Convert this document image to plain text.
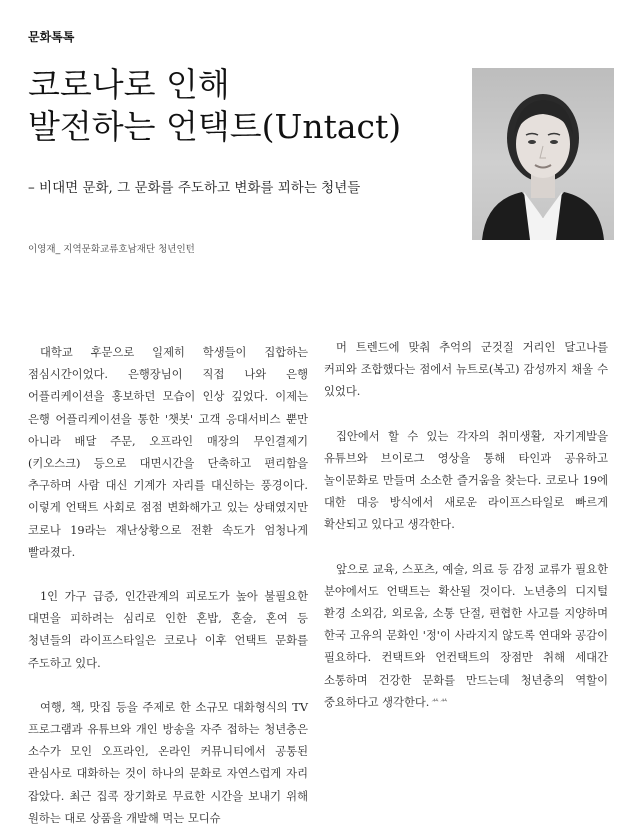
문화톡톡
코로나로 인해
발전하는 언택트(Untact)
– 비대면 문화, 그 문화를 주도하고 변화를 꾀하는 청년들
이영재_ 지역문화교류호남재단 청년인턴

대학교 후문으로 일제히 학생들이 집합하는 점심시간이었다. 은행장님이 직접 나와 은행 어플리케이션을 홍보하던 모습이 인상 깊었다. 이제는 은행 어플리케이션을 통한 '챗봇' 고객 응대서비스 뿐만 아니라 배달 주문, 오프라인 매장의 무인결제기(키오스크) 등으로 대면시간을 단축하고 편리함을 추구하며 사람 대신 기계가 자리를 대신하는 풍경이다. 이렇게 언택트 사회로 점점 변화해가고 있는 상태였지만 코로나 19라는 재난상황으로 전환 속도가 엄청나게 빨라졌다.

1인 가구 급증, 인간관계의 피로도가 높아 불필요한 대면을 피하려는 심리로 인한 혼밥, 혼술, 혼여 등 청년들의 라이프스타일은 코로나 이후 언택트 문화를 주도하고 있다.

여행, 책, 맛집 등을 주제로 한 소규모 대화형식의 TV 프로그램과 유튜브와 개인 방송을 자주 접하는 청년층은 소수가 모인 오프라인, 온라인 커뮤니티에서 공통된 관심사로 대화하는 것이 하나의 문화로 자연스럽게 자리 잡았다. 최근 집콕 장기화로 무료한 시간을 보내기 위해 원하는 대로 상품을 개발해 먹는 모디슈

머 트렌드에 맞춰 추억의 군것질 거리인 달고나를 커피와 조합했다는 점에서 뉴트로(복고) 감성까지 채울 수 있었다.

집안에서 할 수 있는 각자의 취미생활, 자기계발을 유튜브와 브이로그 영상을 통해 타인과 공유하고 놀이문화로 만들며 소소한 즐거움을 찾는다. 코로나 19에 대한 대응 방식에서 새로운 라이프스타일로 빠르게 확산되고 있다고 생각한다.

앞으로 교육, 스포츠, 예술, 의료 등 감정 교류가 필요한 분야에서도 언택트는 확산될 것이다. 노년층의 디지털 환경 소외감, 외로움, 소통 단절, 편협한 사고를 지양하며 한국 고유의 문화인 '정'이 사라지지 않도록 연대와 공감이 필요하다. 컨택트와 언컨택트의 장점만 취해 세대간 소통하며 건강한 문화를 만드는데 청년층의 역할이 중요하다고 생각한다.ᄊᄊ
